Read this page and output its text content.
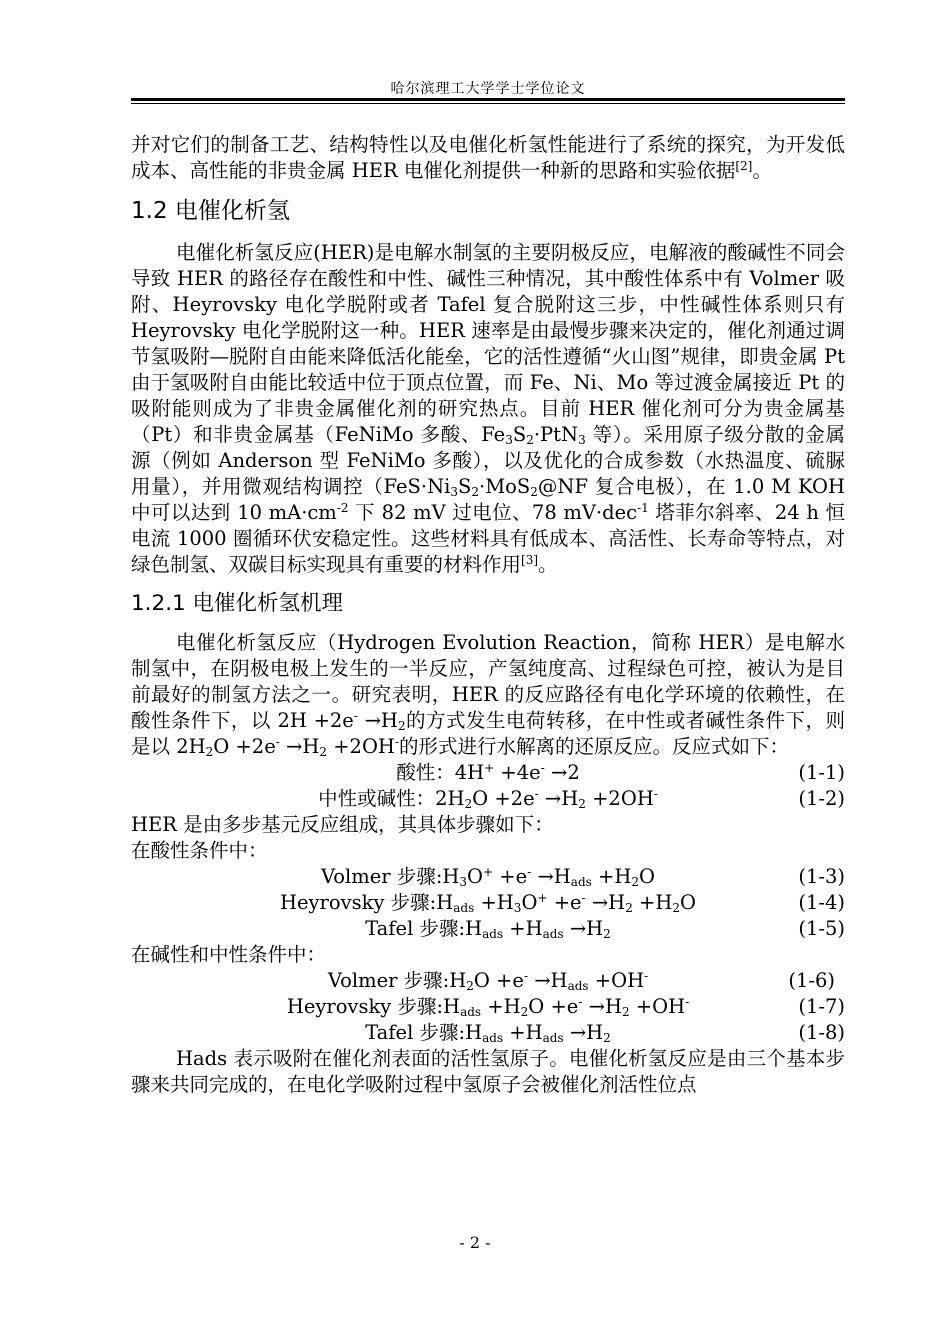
哈尔滨理工大学学士学位论文

并对它们的制备工艺、结构特性以及电催化析氢性能进行了系统的探究，为开发低成本、高性能的非贵金属 HER 电催化剂提供一种新的思路和实验依据[2]。

1.2 电催化析氢

电催化析氢反应(HER)是电解水制氢的主要阴极反应，电解液的酸碱性不同会导致 HER 的路径存在酸性和中性、碱性三种情况，其中酸性体系中有 Volmer 吸附、Heyrovsky 电化学脱附或者 Tafel 复合脱附这三步，中性碱性体系则只有 Heyrovsky 电化学脱附这一种。HER 速率是由最慢步骤来决定的，催化剂通过调节氢吸附—脱附自由能来降低活化能垒，它的活性遵循“火山图”规律，即贵金属 Pt 由于氢吸附自由能比较适中位于顶点位置，而 Fe、Ni、Mo 等过渡金属接近 Pt 的吸附能则成为了非贵金属催化剂的研究热点。目前 HER 催化剂可分为贵金属基（Pt）和非贵金属基（FeNiMo 多酸、$Fe_3S_2\cdot PtN_3$ 等）。采用原子级分散的金属源（例如 Anderson 型 FeNiMo 多酸），以及优化的合成参数（水热温度、硫脲用量），并用微观结构调控（$FeS\cdot Ni_3S_2\cdot MoS_2@NF$ 复合电极），在 1.0 M KOH 中可以达到 10 $mA\cdot cm^{-2}$ 下 82 mV 过电位、78 mV·dec$^{-1}$ 塔菲尔斜率、24 h 恒电流 1000 圈循环伏安稳定性。这些材料具有低成本、高活性、长寿命等特点，对绿色制氢、双碳目标实现具有重要的材料作用[3]。

1.2.1 电催化析氢机理

电催化析氢反应（Hydrogen Evolution Reaction，简称 HER）是电解水制氢中，在阴极电极上发生的一半反应，产氢纯度高、过程绿色可控，被认为是目前最好的制氢方法之一。研究表明，HER 的反应路径有电化学环境的依赖性，在酸性条件下，以 $2H +2e^- \to H_2$的方式发生电荷转移，在中性或者碱性条件下，则是以 $2H_2O +2e^- \to H_2 +2OH^-$的形式进行水解离的还原反应。反应式如下：

酸性：4H+ +4e- →2	(1-1)
中性或碱性：$2H_2O +2e^- \to H_2 +2OH^-$	(1-2)
HER 是由多步基元反应组成，其具体步骤如下：
在酸性条件中：
Volmer 步骤$:H_3O^+ +e^- \to H_{ads} +H_2O$	(1-3)
Heyrovsky 步骤$:H_{ads} +H_3O^+ +e^- \to H_2 +H_2O$	(1-4)
Tafel 步骤$:H_{ads} +H_{ads} \to H_2$	(1-5)
在碱性和中性条件中：
Volmer 步骤$:H_2O +e^- \to H_{ads} +OH^-$	(1-6)
Heyrovsky 步骤$:H_{ads} +H_2O +e^- \to H_2 +OH^-$	(1-7)
Tafel 步骤$:H_{ads} +H_{ads} \to H_2$	(1-8)

Hads 表示吸附在催化剂表面的活性氢原子。电催化析氢反应是由三个基本步骤来共同完成的，在电化学吸附过程中氢原子会被催化剂活性位点

- 2 -
